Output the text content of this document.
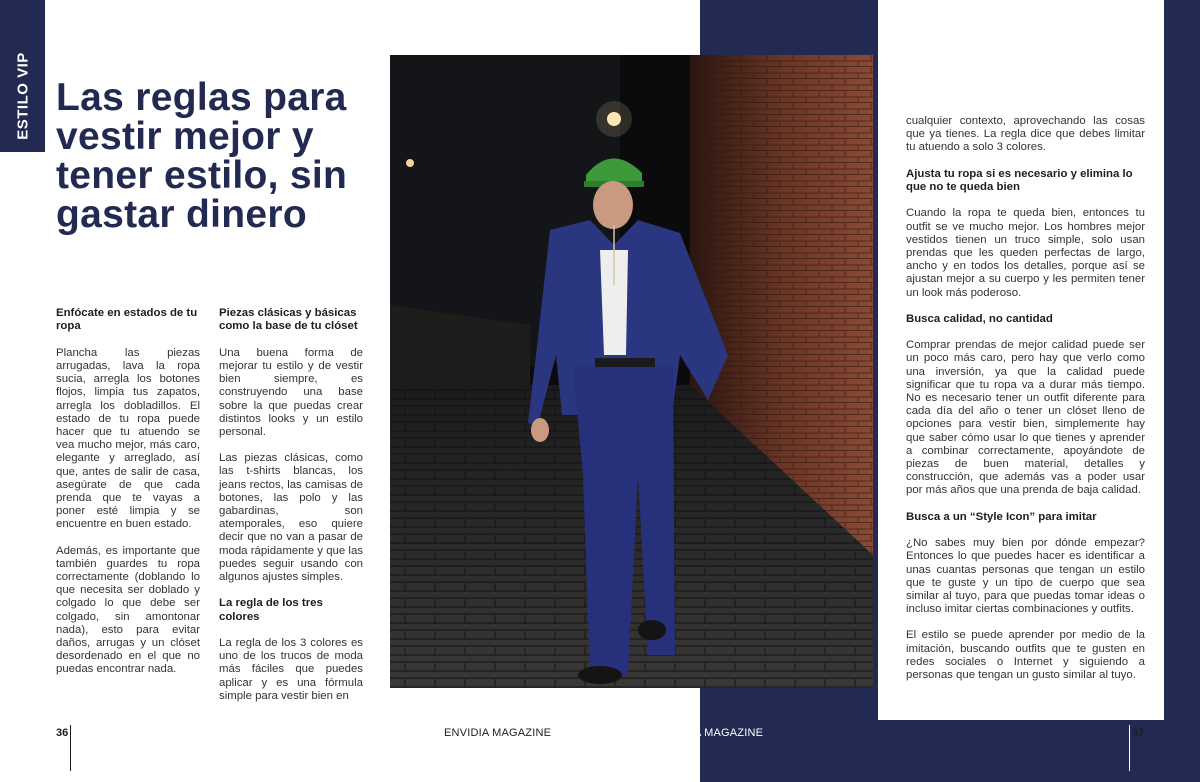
ESTILO VIP Las reglas para vestir mejor y tener estilo, sin gastar dinero
Enfócate en estados de tu ropa

Plancha las piezas arrugadas, lava la ropa sucia, arregla los botones flojos, limpia tus zapatos, arregla los dobladillos. El estado de tu ropa puede hacer que tu atuendo se vea mucho mejor, más caro, elegante y arreglado, así que, antes de salir de casa, asegúrate de que cada prenda que te vayas a poner esté limpia y se encuentre en buen estado.

Además, es importante que también guardes tu ropa correctamente (doblando lo que necesita ser doblado y colgado lo que debe ser colgado, sin amontonar nada), esto para evitar daños, arrugas y un clóset desordenado en el que no puedas encontrar nada.

Piezas clásicas y básicas como la base de tu clóset

Una buena forma de mejorar tu estilo y de vestir bien siempre, es construyendo una base sobre la que puedas crear distintos looks y un estilo personal.

Las piezas clásicas, como las t-shirts blancas, los jeans rectos, las camisas de botones, las polo y las gabardinas, son atemporales, eso quiere decir que no van a pasar de moda rápidamente y que las puedes seguir usando con algunos ajustes simples.

La regla de los tres colores

La regla de los 3 colores es uno de los trucos de moda más fáciles que puedes aplicar y es una fórmula simple para vestir bien en

cualquier contexto, aprovechando las cosas que ya tienes. La regla dice que debes limitar tu atuendo a solo 3 colores.

Ajusta tu ropa si es necesario y elimina lo que no te queda bien

Cuando la ropa te queda bien, entonces tu outfit se ve mucho mejor. Los hombres mejor vestidos tienen un truco simple, solo usan prendas que les queden perfectas de largo, ancho y en todos los detalles, porque así se ajustan mejor a su cuerpo y les permiten tener un look más poderoso.

Busca calidad, no cantidad

Comprar prendas de mejor calidad puede ser un poco más caro, pero hay que verlo como una inversión, ya que la calidad puede significar que tu ropa va a durar más tiempo. No es necesario tener un outfit diferente para cada día del año o tener un clóset lleno de opciones para vestir bien, simplemente hay que saber cómo usar lo que tienes y aprender a combinar correctamente, apoyándote de piezas de buen material, detalles y construcción, que además vas a poder usar por más años que una prenda de baja calidad.

Busca a un “Style Icon” para imitar

¿No sabes muy bien por dónde empezar? Entonces lo que puedes hacer es identificar a unas cuantas personas que tengan un estilo que te guste y un tipo de cuerpo que sea similar al tuyo, para que puedas tomar ideas o incluso imitar ciertas combinaciones y outfits.

El estilo se puede aprender por medio de la imitación, buscando outfits que te gusten en redes sociales o Internet y siguiendo a personas que tengan un gusto similar al tuyo.

36	ENVIDIA MAGAZINE	ENVIDIA MAGAZINE	37
